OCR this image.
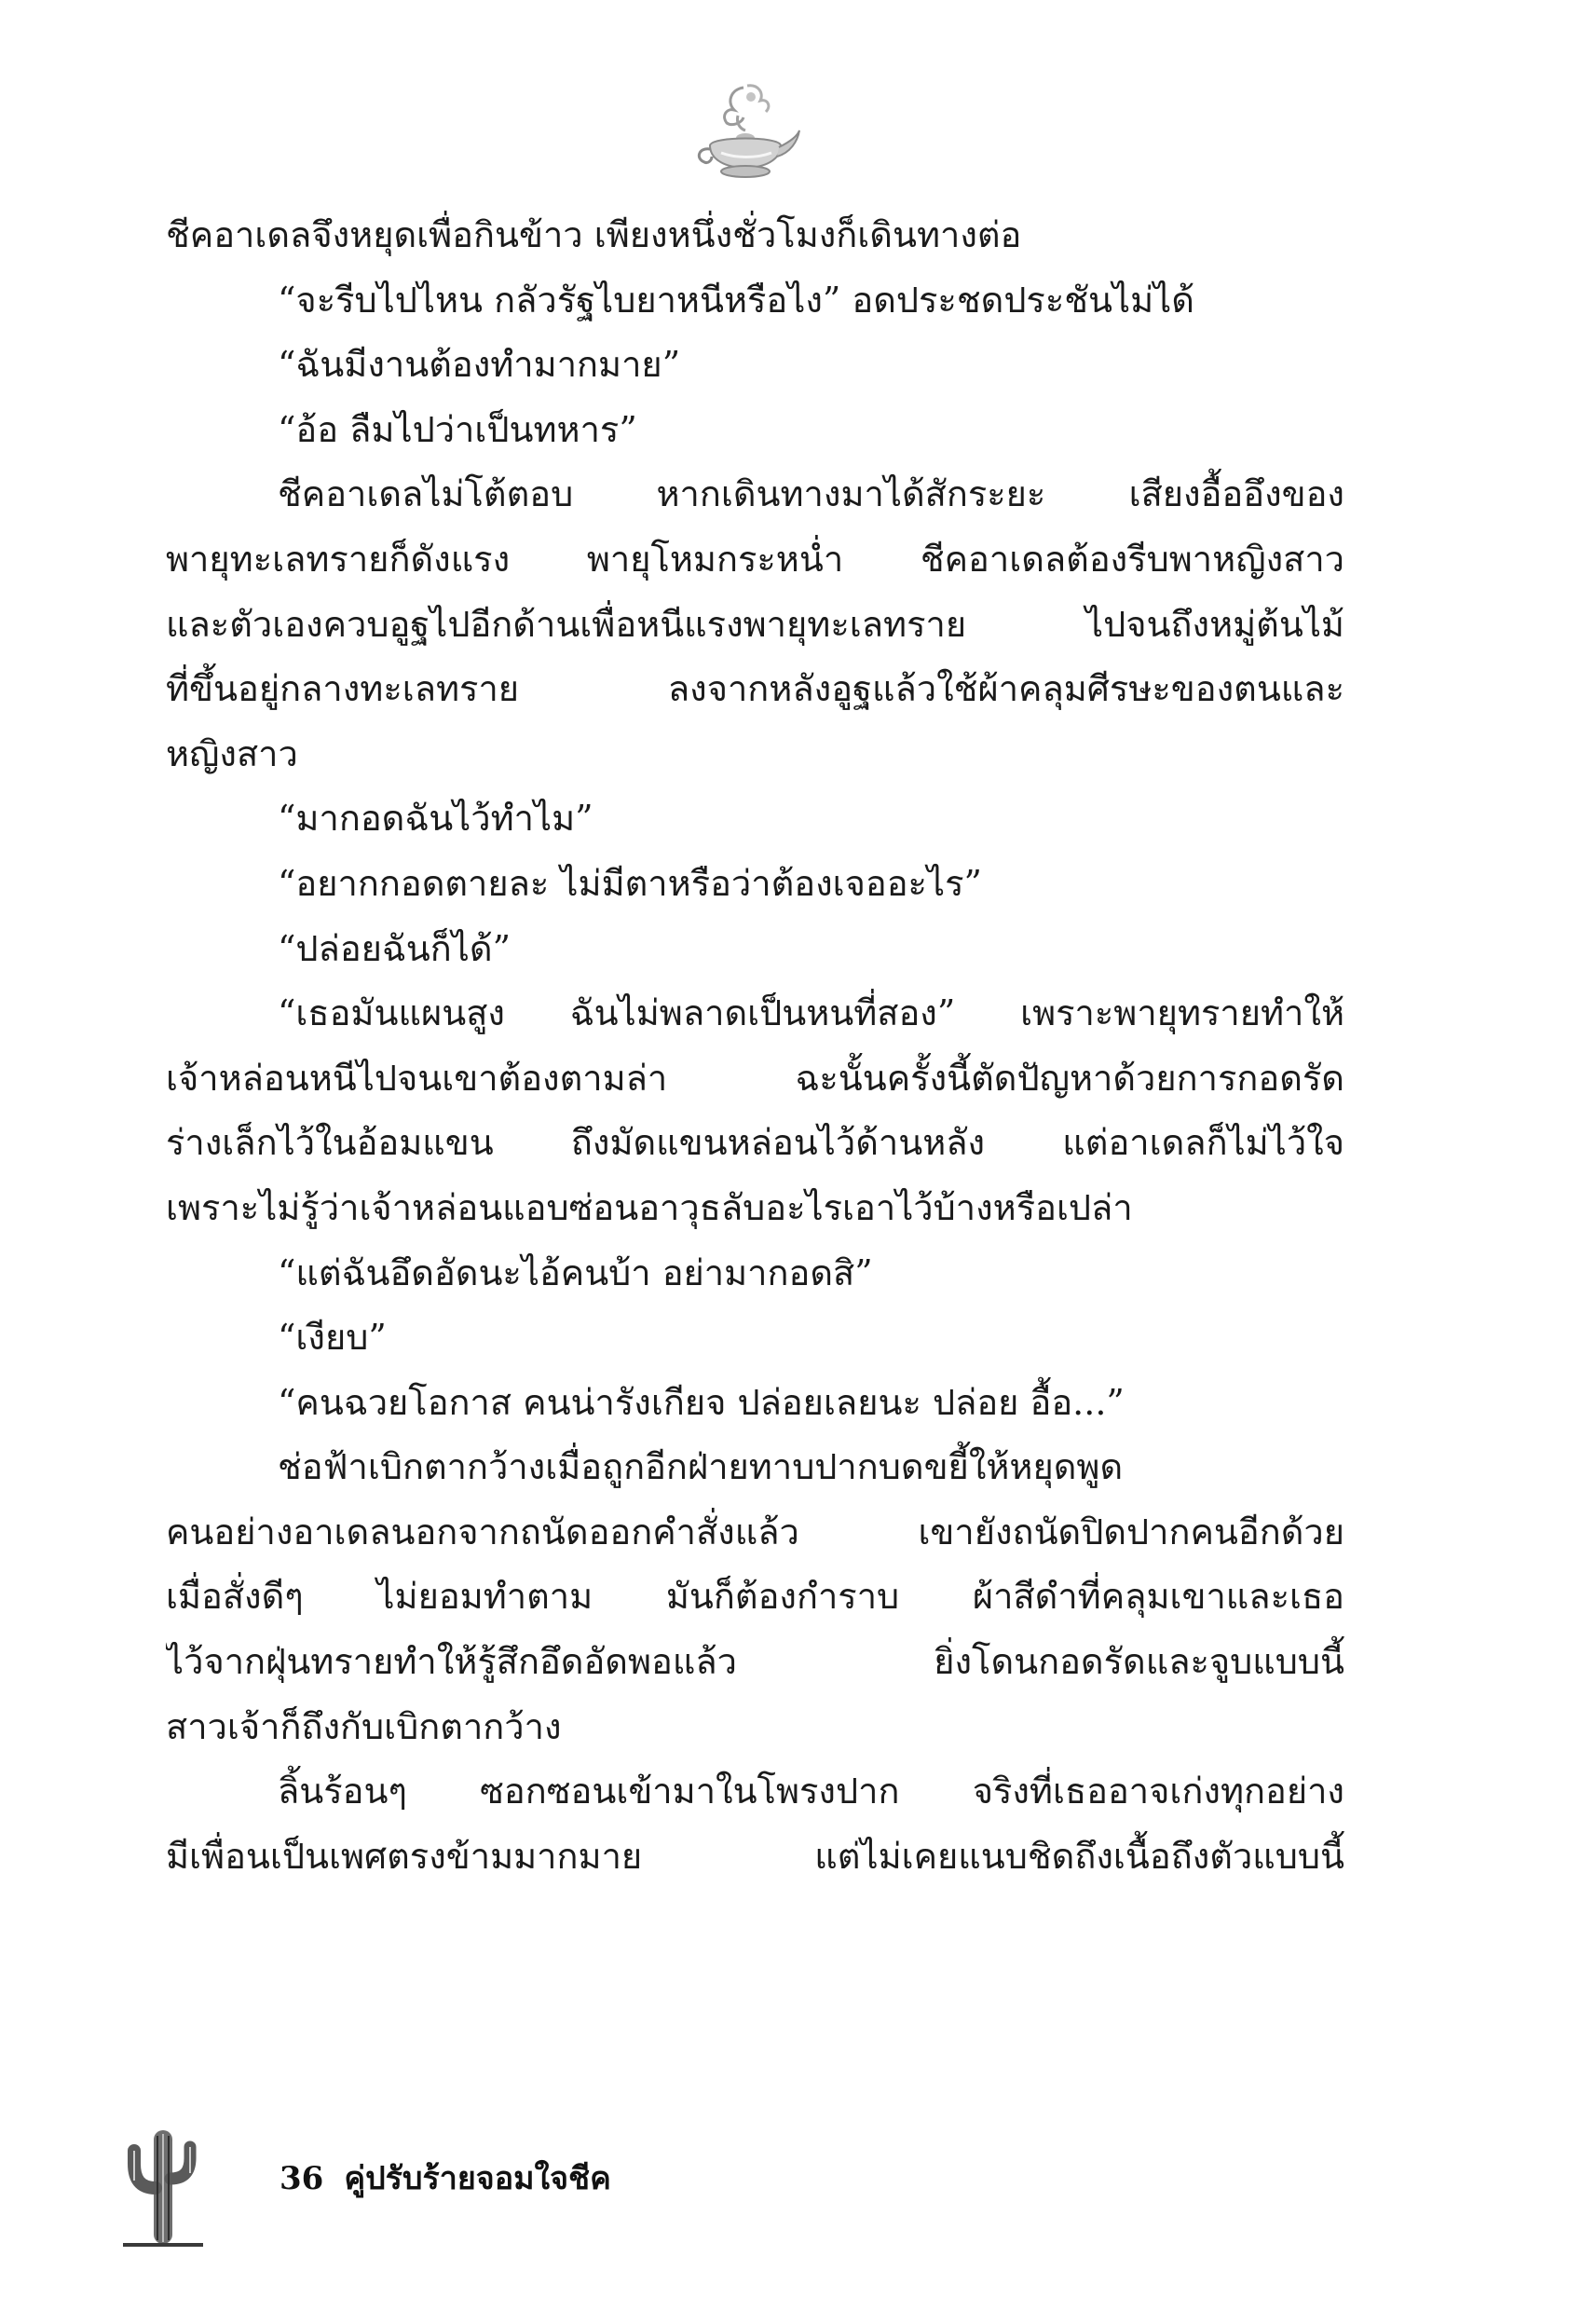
ชีคอาเดลจึงหยุดเพื่อกินข้าว เพียงหนึ่งชั่วโมงก็เดินทางต่อ
“จะรีบไปไหน กลัวรัฐไบยาหนีหรือไง” อดประชดประชันไม่ได้
“ฉันมีงานต้องทำมากมาย”
“อ้อ ลืมไปว่าเป็นทหาร”
ชีคอาเดลไม่โต้ตอบ หากเดินทางมาได้สักระยะ เสียงอื้ออึงของ
พายุทะเลทรายก็ดังแรง พายุโหมกระหน่ำ ชีคอาเดลต้องรีบพาหญิงสาว
และตัวเองควบอูฐไปอีกด้านเพื่อหนีแรงพายุทะเลทราย ไปจนถึงหมู่ต้นไม้
ที่ขึ้นอยู่กลางทะเลทราย ลงจากหลังอูฐแล้วใช้ผ้าคลุมศีรษะของตนและ
หญิงสาว
“มากอดฉันไว้ทำไม”
“อยากกอดตายละ ไม่มีตาหรือว่าต้องเจออะไร”
“ปล่อยฉันก็ได้”
“เธอมันแผนสูง ฉันไม่พลาดเป็นหนที่สอง” เพราะพายุทรายทำให้
เจ้าหล่อนหนีไปจนเขาต้องตามล่า ฉะนั้นครั้งนี้ตัดปัญหาด้วยการกอดรัด
ร่างเล็กไว้ในอ้อมแขน ถึงมัดแขนหล่อนไว้ด้านหลัง แต่อาเดลก็ไม่ไว้ใจ
เพราะไม่รู้ว่าเจ้าหล่อนแอบซ่อนอาวุธลับอะไรเอาไว้บ้างหรือเปล่า
“แต่ฉันอึดอัดนะไอ้คนบ้า อย่ามากอดสิ”
“เงียบ”
“คนฉวยโอกาส คนน่ารังเกียจ ปล่อยเลยนะ ปล่อย อื้อ...”
ช่อฟ้าเบิกตากว้างเมื่อถูกอีกฝ่ายทาบปากบดขยี้ให้หยุดพูด
คนอย่างอาเดลนอกจากถนัดออกคำสั่งแล้ว เขายังถนัดปิดปากคนอีกด้วย
เมื่อสั่งดีๆ ไม่ยอมทำตาม มันก็ต้องกำราบ ผ้าสีดำที่คลุมเขาและเธอ
ไว้จากฝุ่นทรายทำให้รู้สึกอึดอัดพอแล้ว ยิ่งโดนกอดรัดและจูบแบบนี้
สาวเจ้าก็ถึงกับเบิกตากว้าง
ลิ้นร้อนๆ ซอกซอนเข้ามาในโพรงปาก จริงที่เธออาจเก่งทุกอย่าง
มีเพื่อนเป็นเพศตรงข้ามมากมาย แต่ไม่เคยแนบชิดถึงเนื้อถึงตัวแบบนี้
36 คู่ปรับร้ายจอมใจชีค
